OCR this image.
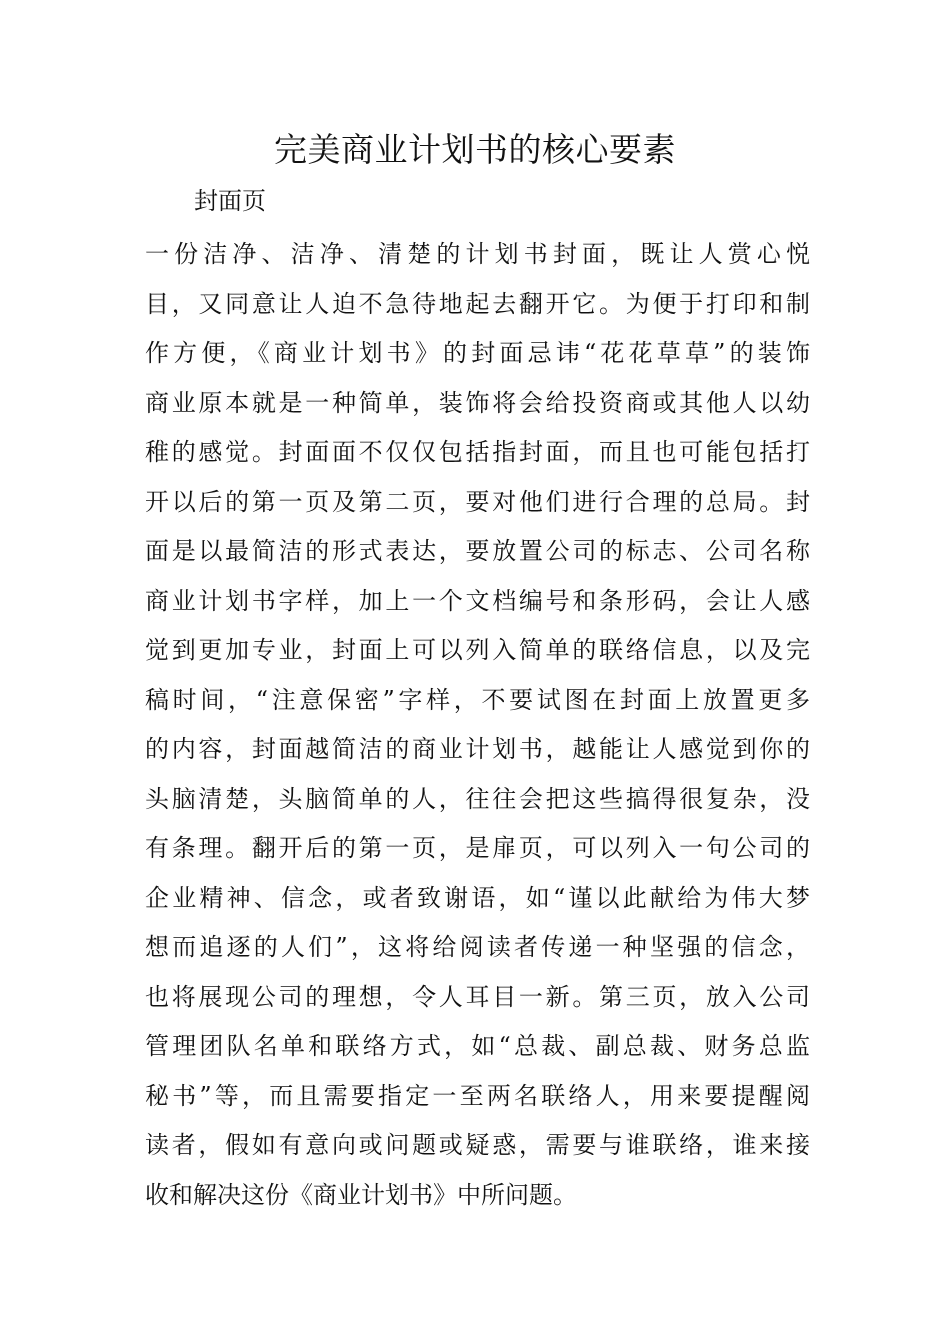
完美商业计划书的核心要素
封面页
一份洁净、洁净、清楚的计划书封面，既让人赏心悦
目，又同意让人迫不急待地起去翻开它。为便于打印和制
作方便，《商业计划书》的封面忌讳“花花草草”的装饰
商业原本就是一种简单，装饰将会给投资商或其他人以幼
稚的感觉。封面面不仅仅包括指封面，而且也可能包括打
开以后的第一页及第二页，要对他们进行合理的总局。封
面是以最简洁的形式表达，要放置公司的标志、公司名称
商业计划书字样，加上一个文档编号和条形码，会让人感
觉到更加专业，封面上可以列入简单的联络信息，以及完
稿时间，“注意保密”字样，不要试图在封面上放置更多
的内容，封面越简洁的商业计划书，越能让人感觉到你的
头脑清楚，头脑简单的人，往往会把这些搞得很复杂，没
有条理。翻开后的第一页，是扉页，可以列入一句公司的
企业精神、信念，或者致谢语，如“谨以此献给为伟大梦
想而追逐的人们”，这将给阅读者传递一种坚强的信念，
也将展现公司的理想，令人耳目一新。第三页，放入公司
管理团队名单和联络方式，如“总裁、副总裁、财务总监
秘书”等，而且需要指定一至两名联络人，用来要提醒阅
读者，假如有意向或问题或疑惑，需要与谁联络，谁来接
收和解决这份《商业计划书》中所问题。
